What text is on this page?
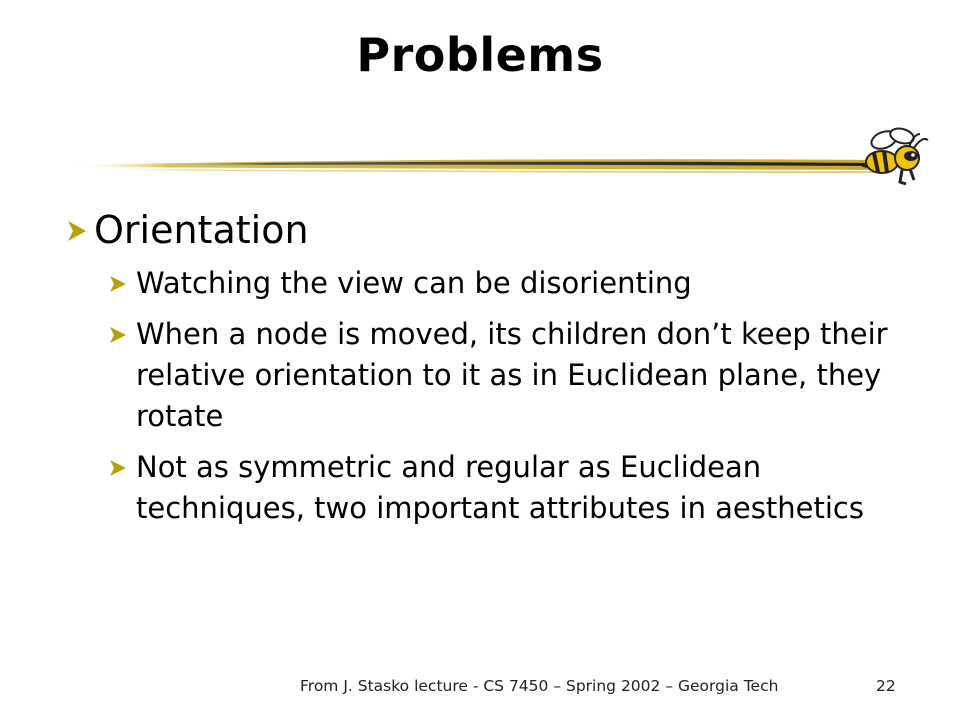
Problems
Orientation
Watching the view can be disorienting
When a node is moved, its children don’t keep their relative orientation to it as in Euclidean plane, they rotate
Not as symmetric and regular as Euclidean techniques, two important attributes in aesthetics
From J. Stasko lecture - CS 7450 – Spring 2002 – Georgia Tech	22
